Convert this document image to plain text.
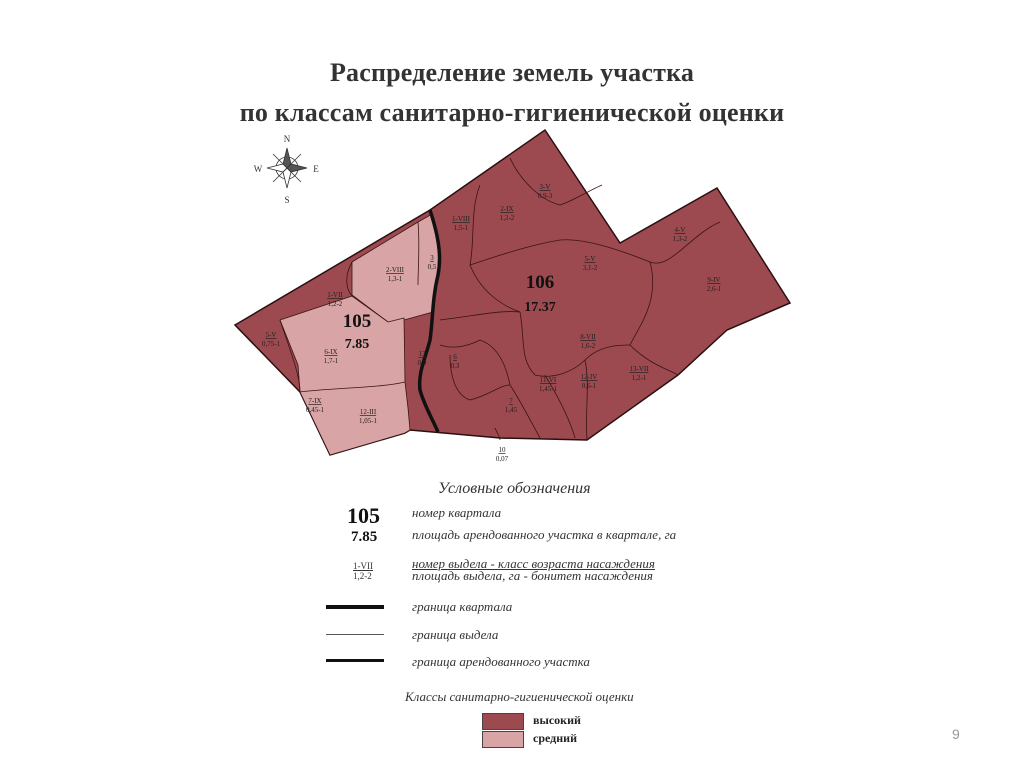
Распределение земель участка
по классам санитарно-гигиенической оценки
N
S
E
W
106
17.37
105
7.85
1-VIII
1,5-1
2-IX
1,2-2
3-V
0,9-3
4-V
1,3-2
5-V
3,1-2
9-IV
2,6-1
8-VII
1,6-2
13-VII
1,2-1
12-IV
0,6-1
11-VI
1,45-1
7
1,45
6
0,3
13
0,9
3
0,5
2-VIII
1,3-1
1-VII
1,2-2
5-V
0,75-1
6-IX
1,7-1
7-IX
0,45-1	12-III
1,05-1
10
0,07
Условные обозначения
105
7.85
номер квартала
площадь арендованного участка в квартале, га
1-VII
1,2-2
номер выдела - класс возраста насаждения
площадь выдела, га - бонитет насаждения
граница квартала
граница выдела
граница арендованного участка
Классы санитарно-гигиенической оценки
высокий
средний	9
